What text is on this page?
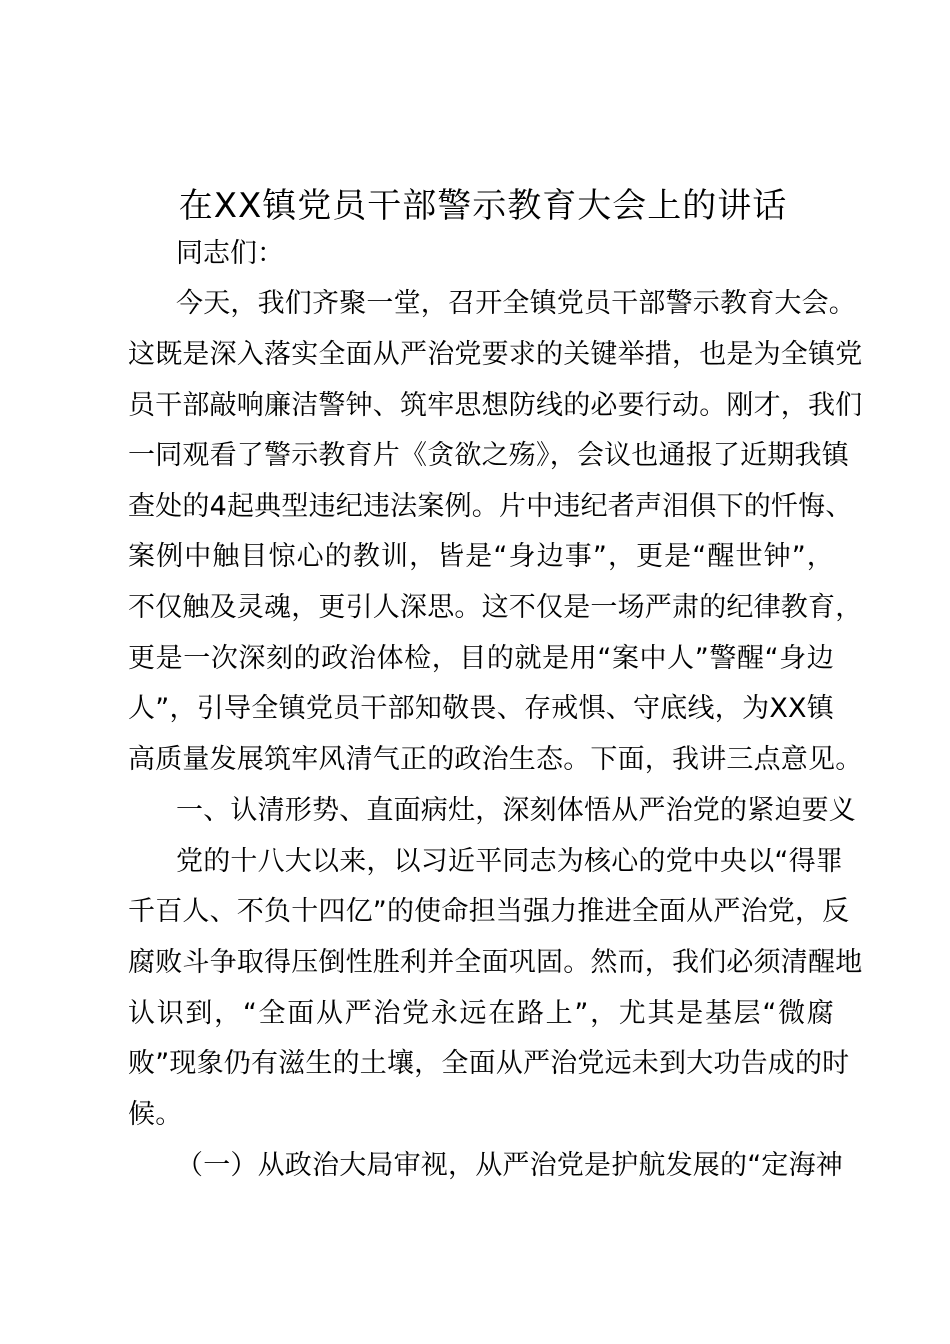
在XX镇党员干部警示教育大会上的讲话
同志们：
今天，我们齐聚一堂，召开全镇党员干部警示教育大会。
这既是深入落实全面从严治党要求的关键举措，也是为全镇党
员干部敲响廉洁警钟、筑牢思想防线的必要行动。刚才，我们
一同观看了警示教育片《贪欲之殇》，会议也通报了近期我镇
查处的4起典型违纪违法案例。片中违纪者声泪俱下的忏悔、
案例中触目惊心的教训，皆是“身边事”，更是“醒世钟”，
不仅触及灵魂，更引人深思。这不仅是一场严肃的纪律教育，
更是一次深刻的政治体检，目的就是用“案中人”警醒“身边
人”，引导全镇党员干部知敬畏、存戒惧、守底线，为XX镇
高质量发展筑牢风清气正的政治生态。下面，我讲三点意见。
一、认清形势、直面病灶，深刻体悟从严治党的紧迫要义
党的十八大以来，以习近平同志为核心的党中央以“得罪
千百人、不负十四亿”的使命担当强力推进全面从严治党，反
腐败斗争取得压倒性胜利并全面巩固。然而，我们必须清醒地
认识到，“全面从严治党永远在路上”，尤其是基层“微腐
败”现象仍有滋生的土壤，全面从严治党远未到大功告成的时
候。
（一）从政治大局审视，从严治党是护航发展的“定海神
